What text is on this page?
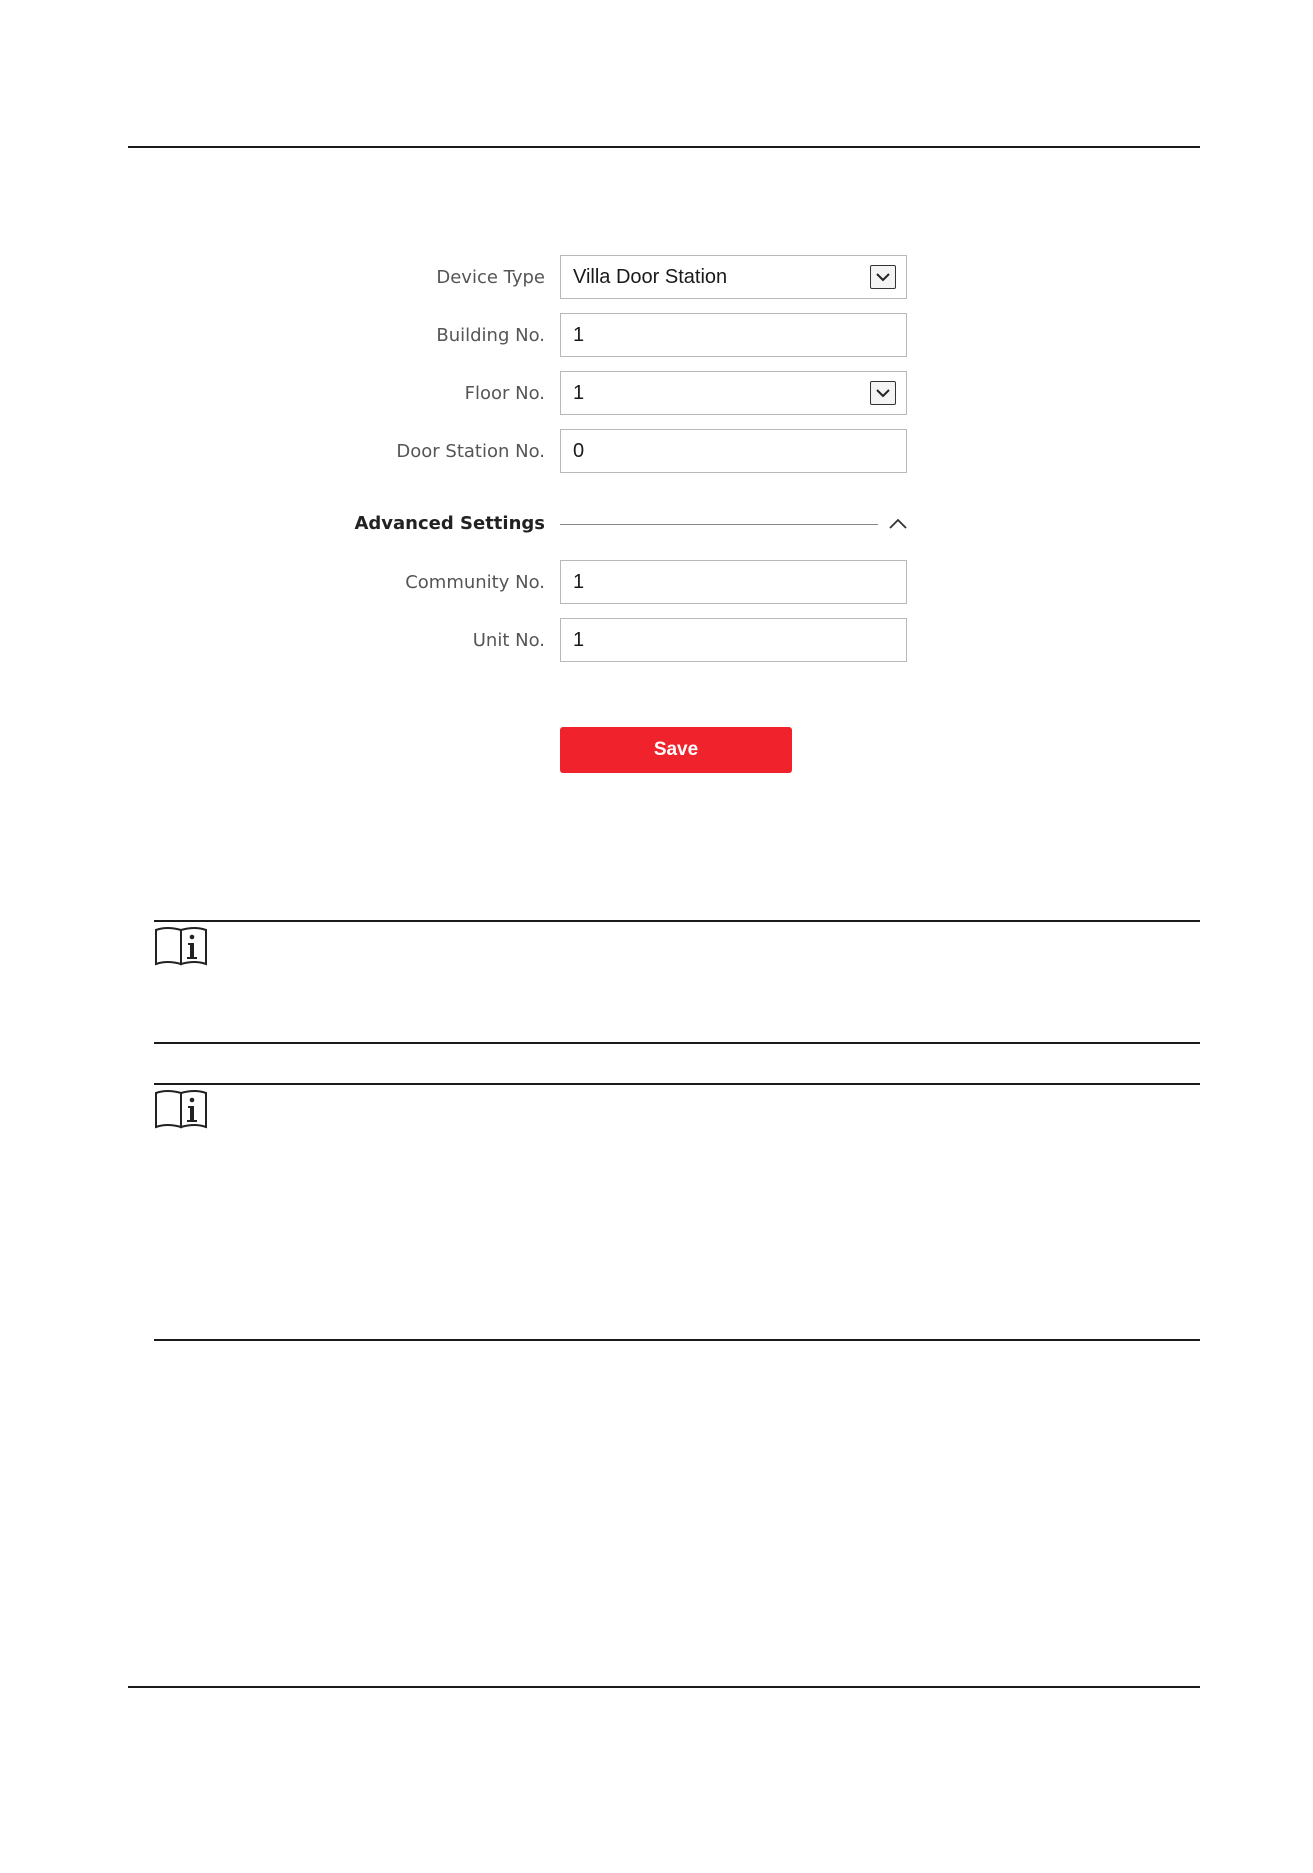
Device Type Villa Door Station
Building No. 1
Floor No. 1
Door Station No. 0
Advanced Settings
Community No. 1
Unit No. 1
Save
